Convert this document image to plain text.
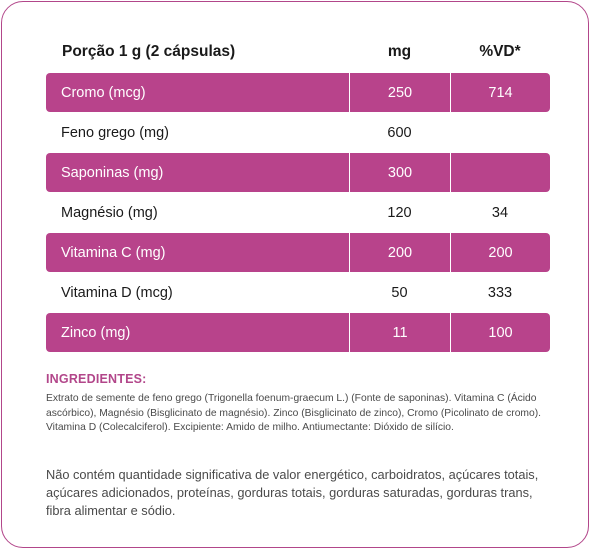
Porção 1 g (2 cápsulas)	mg	%VD*
Cromo (mcg)	250	714
Feno grego (mg)	600
Saponinas (mg)	300
Magnésio (mg)	120	34
Vitamina C (mg)	200	200
Vitamina D (mcg)	50	333
Zinco (mg)	11	100
INGREDIENTES:
Extrato de semente de feno grego (Trigonella foenum-graecum L.) (Fonte de saponinas). Vitamina C (Ácido ascórbico), Magnésio (Bisglicinato de magnésio). Zinco (Bisglicinato de zinco), Cromo (Picolinato de cromo). Vitamina D (Colecalciferol). Excipiente: Amido de milho. Antiumectante: Dióxido de silício.
Não contém quantidade significativa de valor energético, carboidratos, açúcares totais, açúcares adicionados, proteínas, gorduras totais, gorduras saturadas, gorduras trans, fibra alimentar e sódio.
